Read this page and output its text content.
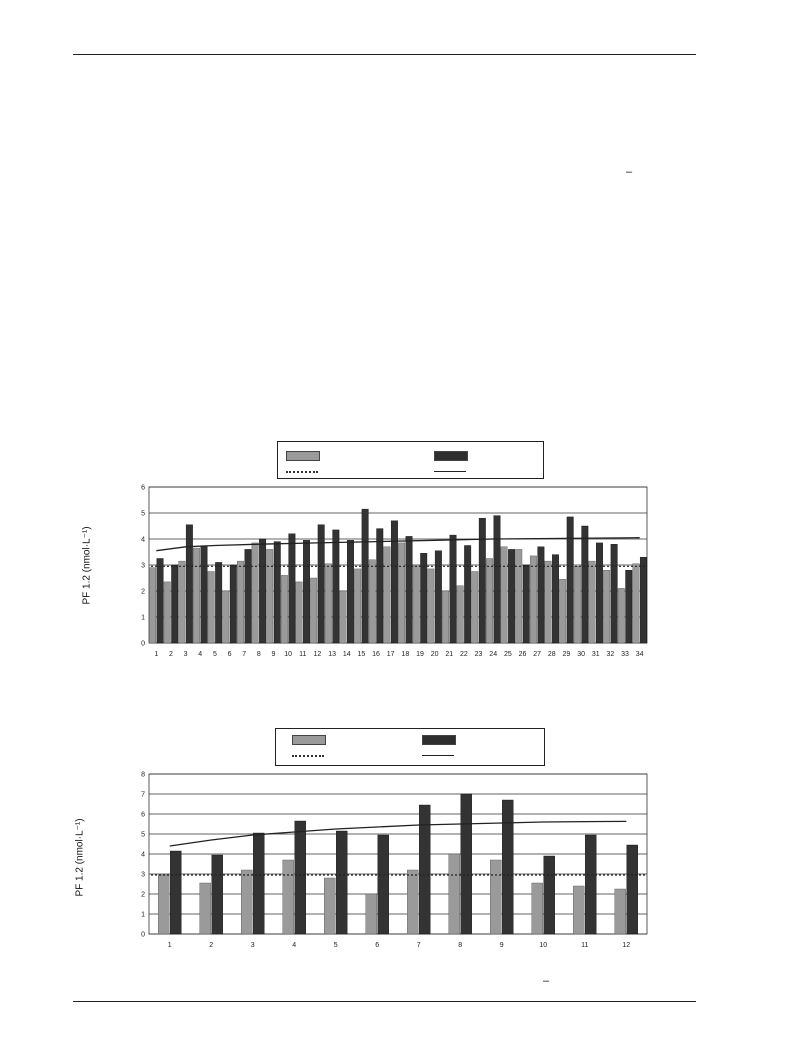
–
–
PF 1.2 (nmol·L⁻¹)
PF 1.2 (nmol·L⁻¹)
0
1
2
3
4
5
6
1 2 3 4 5 6 7 8 9 10 11 12 13 14 15 16 17 18 19 20 21 22 23 24 25 26 27 28 29 30 31 32 33 34
0
1
2
3
4
5
6
7
8
1	2	3	4	5	6	7	8	9	10	11	12
